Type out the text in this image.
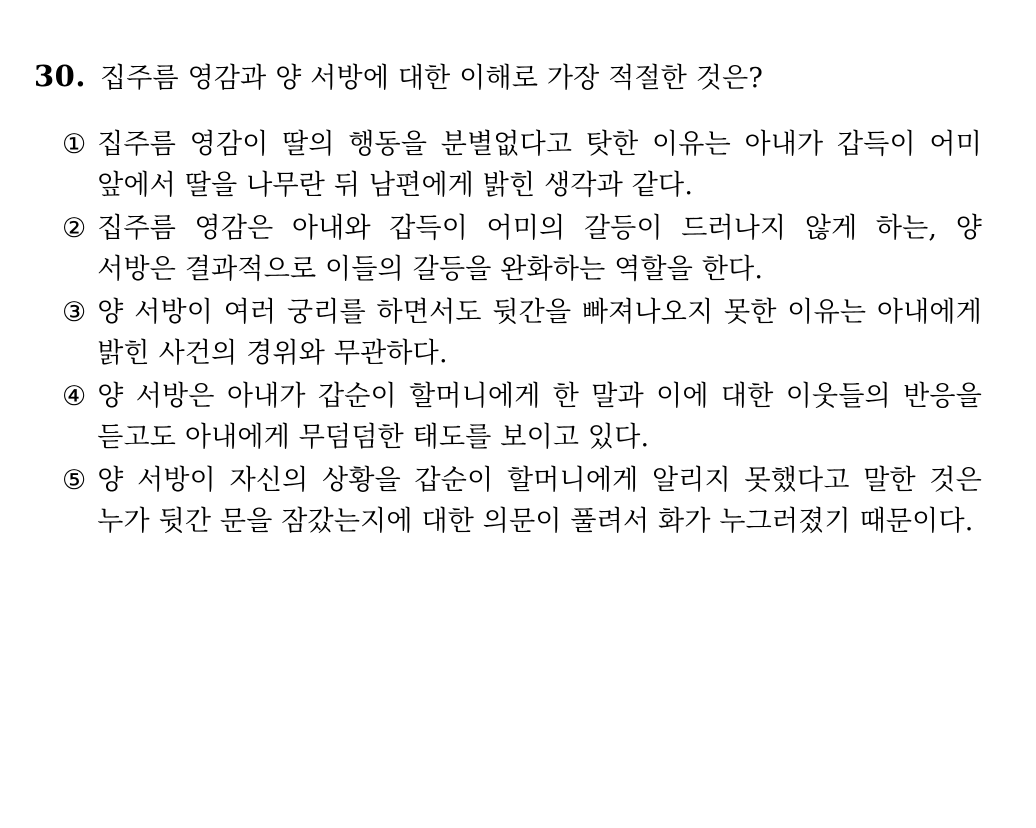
30. 집주름 영감과 양 서방에 대한 이해로 가장 적절한 것은?
① 집주름 영감이 딸의 행동을 분별없다고 탓한 이유는 아내가 갑득이 어미 앞에서 딸을 나무란 뒤 남편에게 밝힌 생각과 같다.
② 집주름 영감은 아내와 갑득이 어미의 갈등이 드러나지 않게 하는, 양 서방은 결과적으로 이들의 갈등을 완화하는 역할을 한다.
③ 양 서방이 여러 궁리를 하면서도 뒷간을 빠져나오지 못한 이유는 아내에게 밝힌 사건의 경위와 무관하다.
④ 양 서방은 아내가 갑순이 할머니에게 한 말과 이에 대한 이웃들의 반응을 듣고도 아내에게 무덤덤한 태도를 보이고 있다.
⑤ 양 서방이 자신의 상황을 갑순이 할머니에게 알리지 못했다고 말한 것은 누가 뒷간 문을 잠갔는지에 대한 의문이 풀려서 화가 누그러졌기 때문이다.
